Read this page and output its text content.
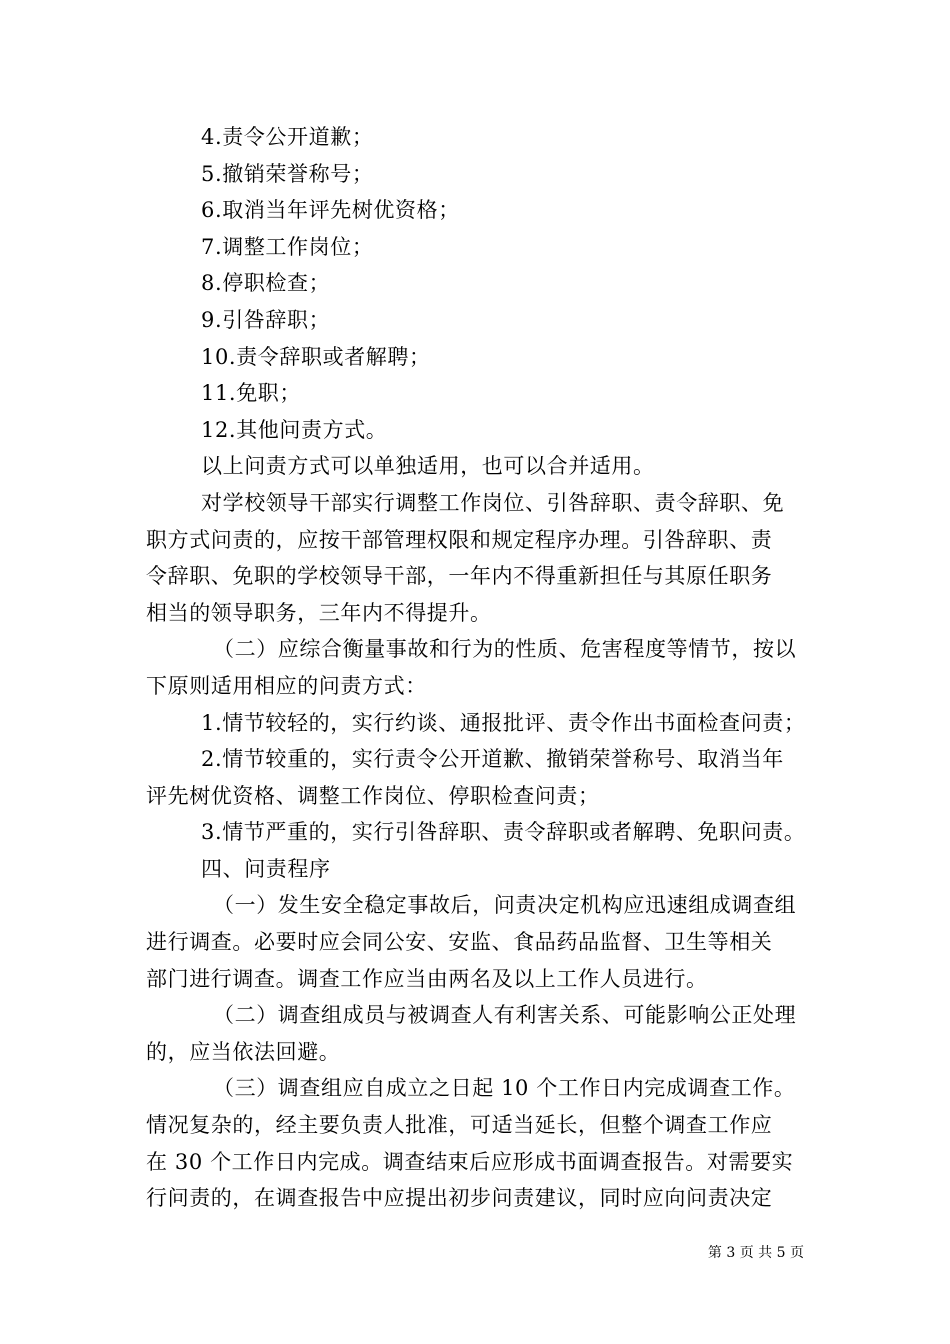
4.责令公开道歉；
5.撤销荣誉称号；
6.取消当年评先树优资格；
7.调整工作岗位；
8.停职检查；
9.引咎辞职；
10.责令辞职或者解聘；
11.免职；
12.其他问责方式。
以上问责方式可以单独适用，也可以合并适用。
对学校领导干部实行调整工作岗位、引咎辞职、责令辞职、免
职方式问责的，应按干部管理权限和规定程序办理。引咎辞职、责
令辞职、免职的学校领导干部，一年内不得重新担任与其原任职务
相当的领导职务，三年内不得提升。
（二）应综合衡量事故和行为的性质、危害程度等情节，按以
下原则适用相应的问责方式：
1.情节较轻的，实行约谈、通报批评、责令作出书面检查问责；
2.情节较重的，实行责令公开道歉、撤销荣誉称号、取消当年
评先树优资格、调整工作岗位、停职检查问责；
3.情节严重的，实行引咎辞职、责令辞职或者解聘、免职问责。
四、问责程序
（一）发生安全稳定事故后，问责决定机构应迅速组成调查组
进行调查。必要时应会同公安、安监、食品药品监督、卫生等相关
部门进行调查。调查工作应当由两名及以上工作人员进行。
（二）调查组成员与被调查人有利害关系、可能影响公正处理
的，应当依法回避。
（三）调查组应自成立之日起 10 个工作日内完成调查工作。
情况复杂的，经主要负责人批准，可适当延长，但整个调查工作应
在 30 个工作日内完成。调查结束后应形成书面调查报告。对需要实
行问责的，在调查报告中应提出初步问责建议，同时应向问责决定
第 3 页 共 5 页
